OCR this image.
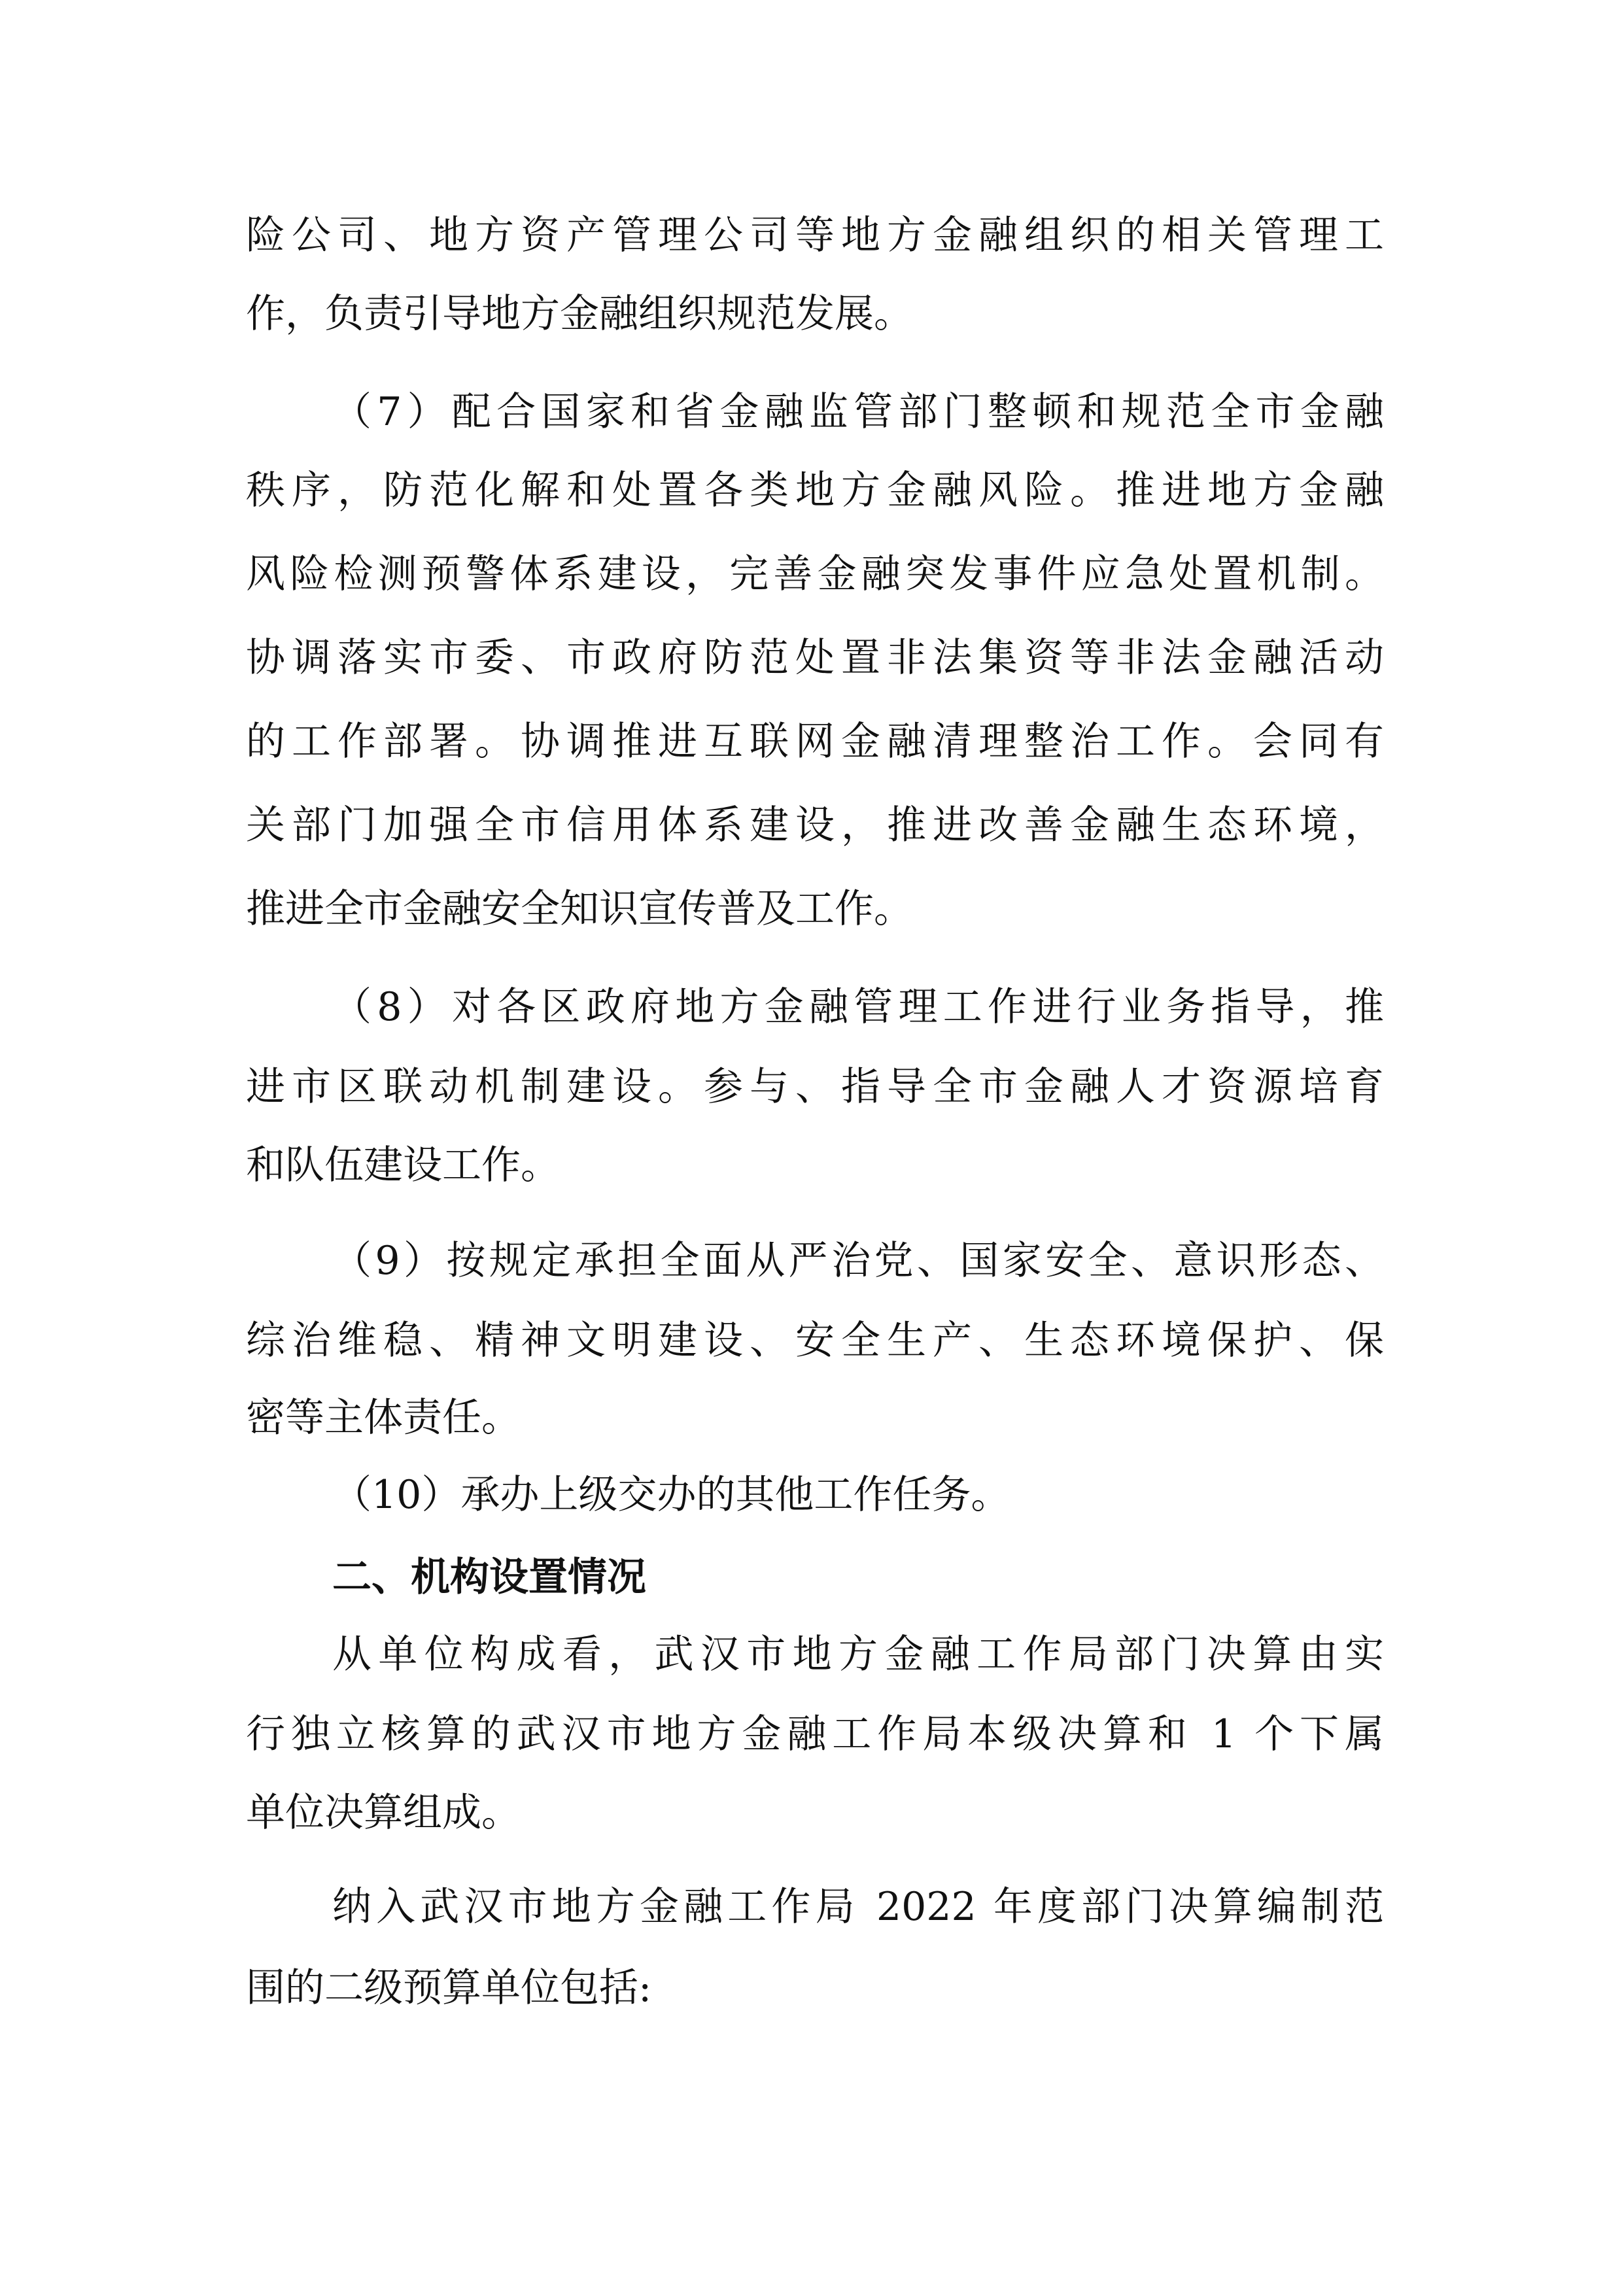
险公司、地方资产管理公司等地方金融组织的相关管理工
作，负责引导地方金融组织规范发展。
（7）配合国家和省金融监管部门整顿和规范全市金融
秩序，防范化解和处置各类地方金融风险。推进地方金融
风险检测预警体系建设，完善金融突发事件应急处置机制。
协调落实市委、市政府防范处置非法集资等非法金融活动
的工作部署。协调推进互联网金融清理整治工作。会同有
关部门加强全市信用体系建设，推进改善金融生态环境，
推进全市金融安全知识宣传普及工作。
（8）对各区政府地方金融管理工作进行业务指导，推
进市区联动机制建设。参与、指导全市金融人才资源培育
和队伍建设工作。
（9）按规定承担全面从严治党、国家安全、意识形态、
综治维稳、精神文明建设、安全生产、生态环境保护、保
密等主体责任。
（10）承办上级交办的其他工作任务。
二、机构设置情况
从单位构成看，武汉市地方金融工作局部门决算由实
行独立核算的武汉市地方金融工作局本级决算和 1 个下属
单位决算组成。
纳入武汉市地方金融工作局 2022 年度部门决算编制范
围的二级预算单位包括:
